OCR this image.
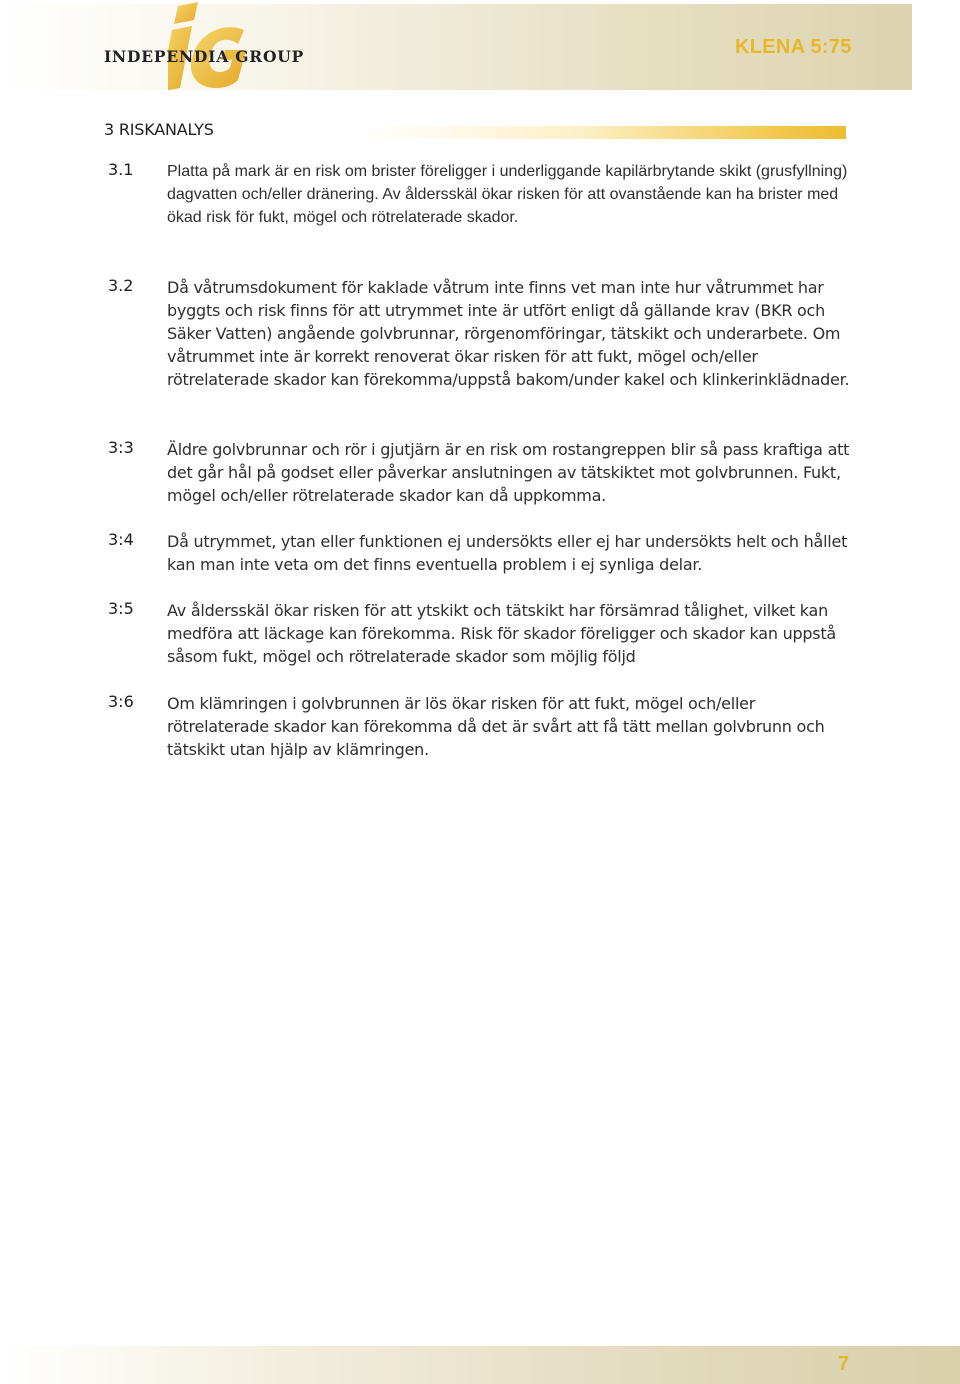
INDEPENDIA GROUP	KLENA 5:75
3 RISKANALYS
3.1 Platta på mark är en risk om brister föreligger i underliggande kapilärbrytande skikt (grusfyllning) dagvatten och/eller dränering. Av åldersskäl ökar risken för att ovanstående kan ha brister med ökad risk för fukt, mögel och rötrelaterade skador.
3.2 Då våtrumsdokument för kaklade våtrum inte finns vet man inte hur våtrummet har byggts och risk finns för att utrymmet inte är utfört enligt då gällande krav (BKR och Säker Vatten) angående golvbrunnar, rörgenomföringar, tätskikt och underarbete. Om våtrummet inte är korrekt renoverat ökar risken för att fukt, mögel och/eller rötrelaterade skador kan förekomma/uppstå bakom/under kakel och klinkerinklädnader.
3:3 Äldre golvbrunnar och rör i gjutjärn är en risk om rostangreppen blir så pass kraftiga att det går hål på godset eller påverkar anslutningen av tätskiktet mot golvbrunnen. Fukt, mögel och/eller rötrelaterade skador kan då uppkomma.
3:4 Då utrymmet, ytan eller funktionen ej undersökts eller ej har undersökts helt och hållet kan man inte veta om det finns eventuella problem i ej synliga delar.
3:5 Av åldersskäl ökar risken för att ytskikt och tätskikt har försämrad tålighet, vilket kan medföra att läckage kan förekomma. Risk för skador föreligger och skador kan uppstå såsom fukt, mögel och rötrelaterade skador som möjlig följd
3:6 Om klämringen i golvbrunnen är lös ökar risken för att fukt, mögel och/eller rötrelaterade skador kan förekomma då det är svårt att få tätt mellan golvbrunn och tätskikt utan hjälp av klämringen.
7
